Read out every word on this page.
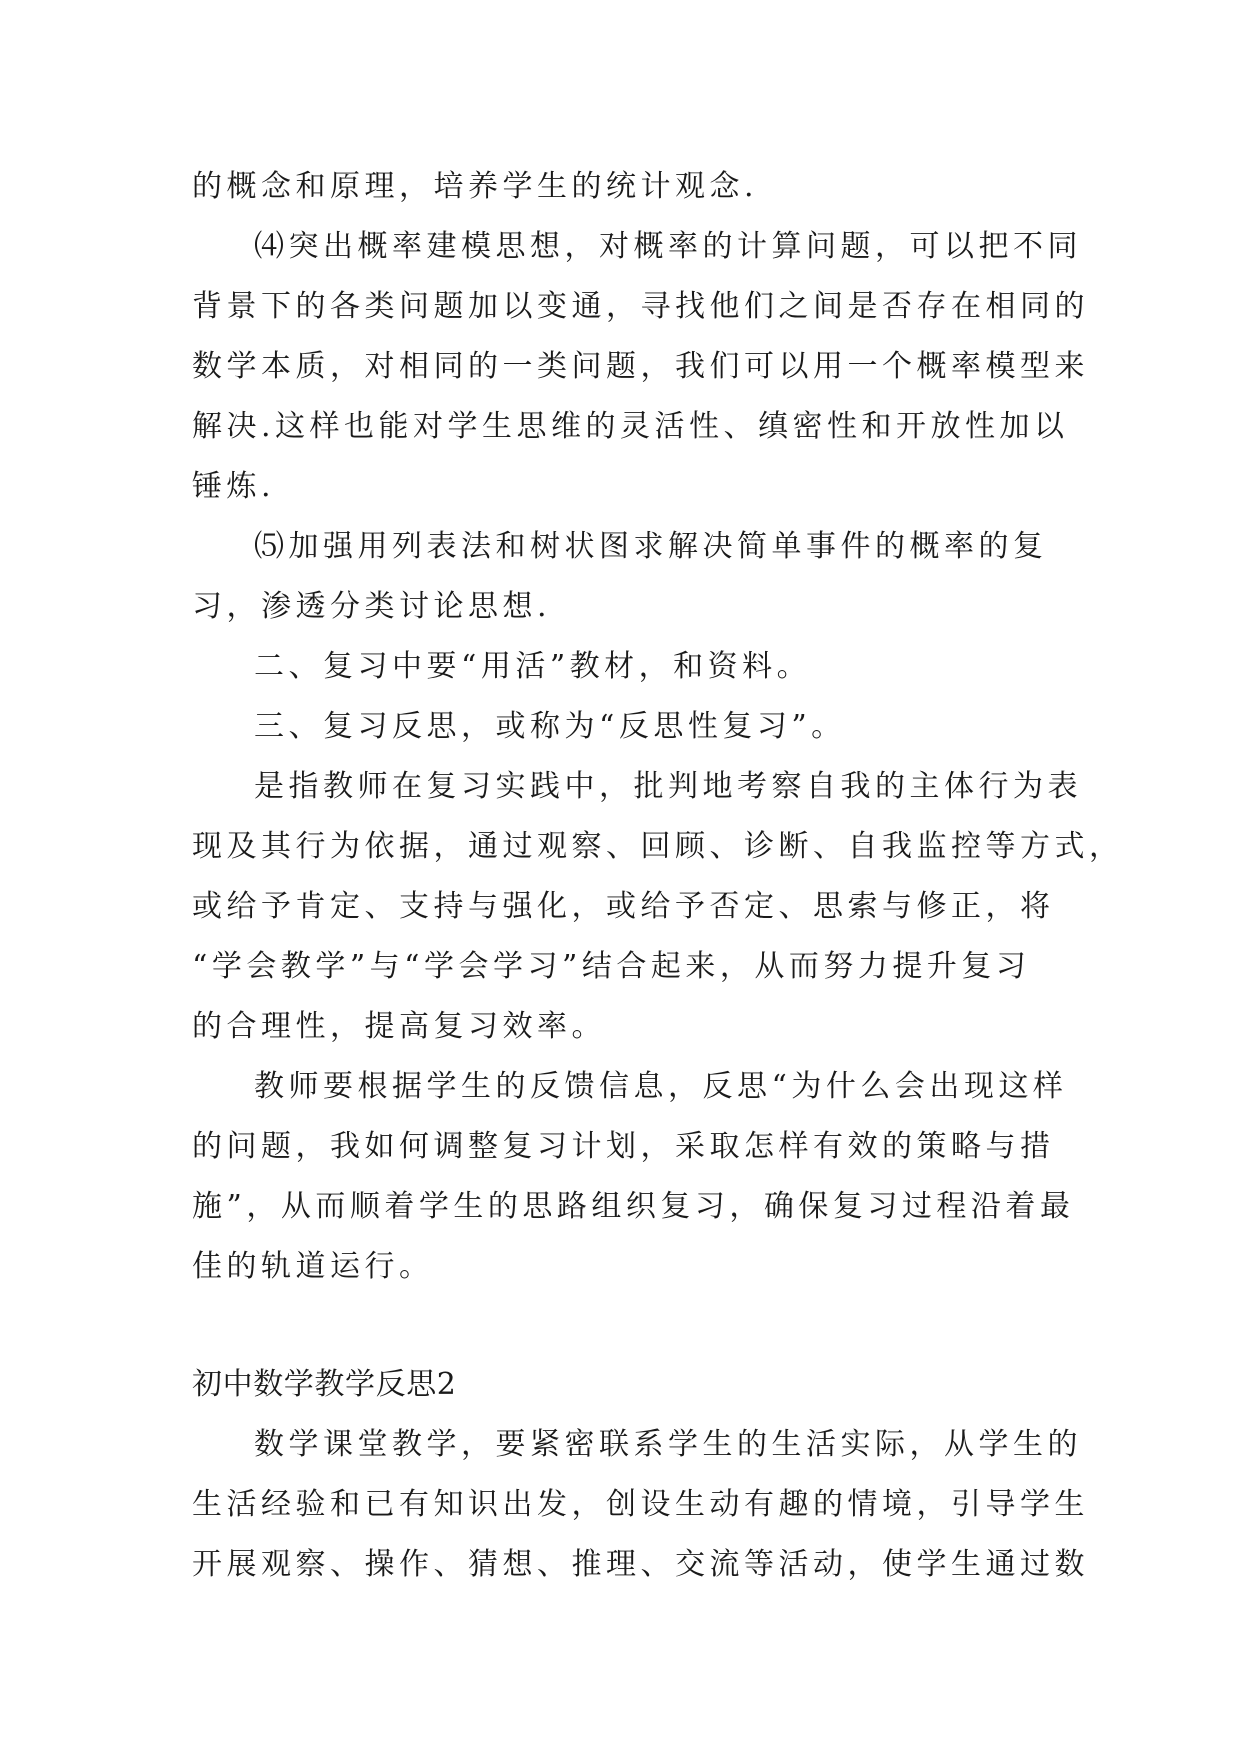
的概念和原理，培养学生的统计观念.
⑷突出概率建模思想，对概率的计算问题，可以把不同
背景下的各类问题加以变通，寻找他们之间是否存在相同的
数学本质，对相同的一类问题，我们可以用一个概率模型来
解决.这样也能对学生思维的灵活性、缜密性和开放性加以
锤炼.
⑸加强用列表法和树状图求解决简单事件的概率的复
习，渗透分类讨论思想.
二、复习中要“用活”教材，和资料。
三、复习反思，或称为“反思性复习”。
是指教师在复习实践中，批判地考察自我的主体行为表
现及其行为依据，通过观察、回顾、诊断、自我监控等方式，
或给予肯定、支持与强化，或给予否定、思索与修正，将
“学会教学”与“学会学习”结合起来，从而努力提升复习
的合理性，提高复习效率。
教师要根据学生的反馈信息，反思“为什么会出现这样
的问题，我如何调整复习计划，采取怎样有效的策略与措
施”，从而顺着学生的思路组织复习，确保复习过程沿着最
佳的轨道运行。
初中数学教学反思2
数学课堂教学，要紧密联系学生的生活实际，从学生的
生活经验和已有知识出发，创设生动有趣的情境，引导学生
开展观察、操作、猜想、推理、交流等活动，使学生通过数
